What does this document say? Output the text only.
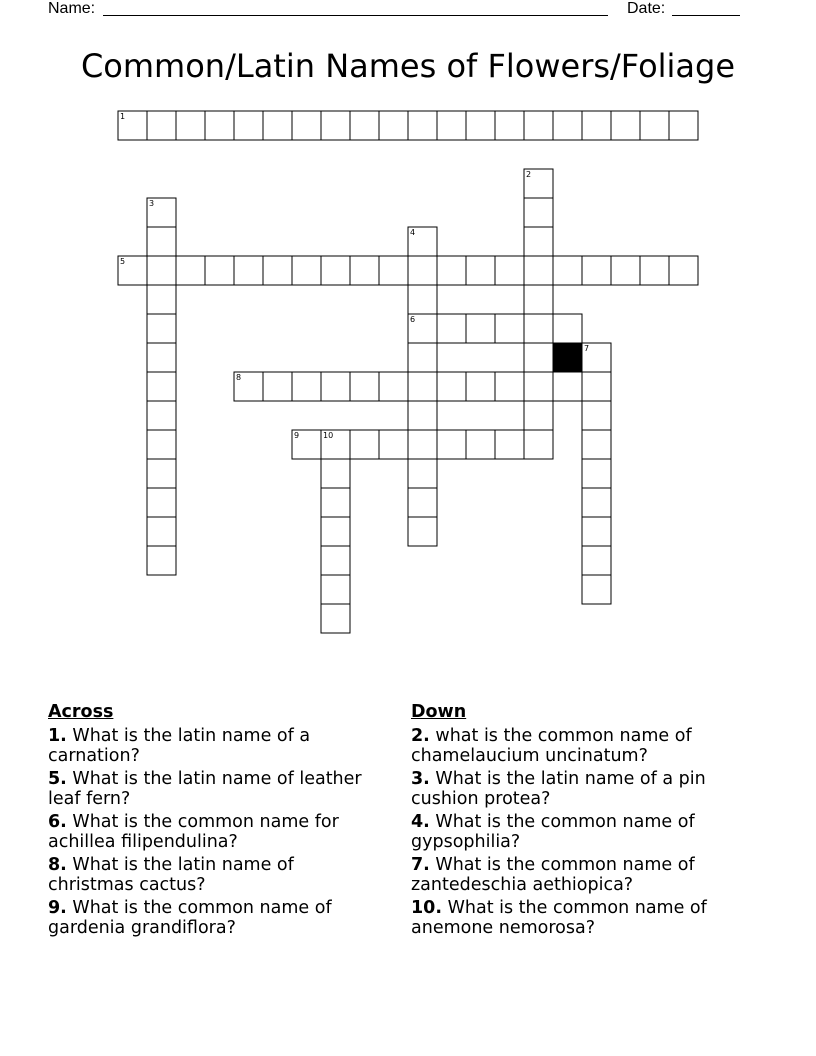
Name:	Date:
Common/Latin Names of Flowers/Foliage
1
2
3
4
5
6
7
8
9	10
Across
1. What is the latin name of a carnation?
5. What is the latin name of leather leaf fern?
6. What is the common name for achillea filipendulina?
8. What is the latin name of christmas cactus?
9. What is the common name of gardenia grandiflora?
Down
2. what is the common name of chamelaucium uncinatum?
3. What is the latin name of a pin cushion protea?
4. What is the common name of gypsophilia?
7. What is the common name of zantedeschia aethiopica?
10. What is the common name of anemone nemorosa?
